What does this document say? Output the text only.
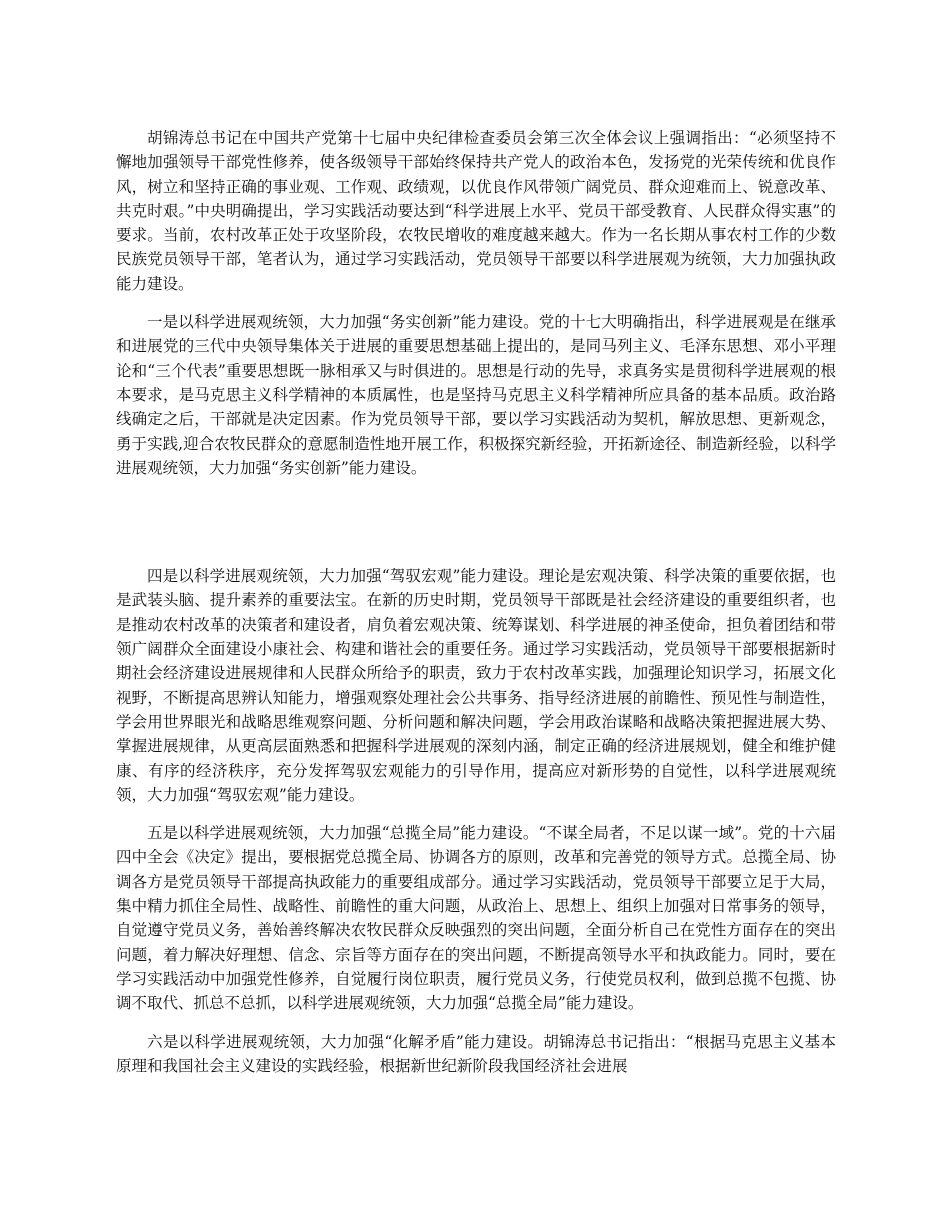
胡锦涛总书记在中国共产党第十七届中央纪律检查委员会第三次全体会议上强调指出：“必须坚持不懈地加强领导干部党性修养，使各级领导干部始终保持共产党人的政治本色，发扬党的光荣传统和优良作风，树立和坚持正确的事业观、工作观、政绩观，以优良作风带领广阔党员、群众迎难而上、锐意改革、共克时艰。”中央明确提出，学习实践活动要达到“科学进展上水平、党员干部受教育、人民群众得实惠”的要求。当前，农村改革正处于攻坚阶段，农牧民增收的难度越来越大。作为一名长期从事农村工作的少数民族党员领导干部，笔者认为，通过学习实践活动，党员领导干部要以科学进展观为统领，大力加强执政能力建设。

一是以科学进展观统领，大力加强“务实创新”能力建设。党的十七大明确指出，科学进展观是在继承和进展党的三代中央领导集体关于进展的重要思想基础上提出的，是同马列主义、毛泽东思想、邓小平理论和“三个代表”重要思想既一脉相承又与时俱进的。思想是行动的先导，求真务实是贯彻科学进展观的根本要求，是马克思主义科学精神的本质属性，也是坚持马克思主义科学精神所应具备的基本品质。政治路线确定之后，干部就是决定因素。作为党员领导干部，要以学习实践活动为契机，解放思想、更新观念，勇于实践,迎合农牧民群众的意愿制造性地开展工作，积极探究新经验，开拓新途径、制造新经验，以科学进展观统领，大力加强“务实创新”能力建设。

四是以科学进展观统领，大力加强“驾驭宏观”能力建设。理论是宏观决策、科学决策的重要依据，也是武装头脑、提升素养的重要法宝。在新的历史时期，党员领导干部既是社会经济建设的重要组织者，也是推动农村改革的决策者和建设者，肩负着宏观决策、统筹谋划、科学进展的神圣使命，担负着团结和带领广阔群众全面建设小康社会、构建和谐社会的重要任务。通过学习实践活动，党员领导干部要根据新时期社会经济建设进展规律和人民群众所给予的职责，致力于农村改革实践，加强理论知识学习，拓展文化视野，不断提高思辨认知能力，增强观察处理社会公共事务、指导经济进展的前瞻性、预见性与制造性，学会用世界眼光和战略思维观察问题、分析问题和解决问题，学会用政治谋略和战略决策把握进展大势、掌握进展规律，从更高层面熟悉和把握科学进展观的深刻内涵，制定正确的经济进展规划，健全和维护健康、有序的经济秩序，充分发挥驾驭宏观能力的引导作用，提高应对新形势的自觉性，以科学进展观统领，大力加强“驾驭宏观”能力建设。

五是以科学进展观统领，大力加强“总揽全局”能力建设。“不谋全局者，不足以谋一域”。党的十六届四中全会《决定》提出，要根据党总揽全局、协调各方的原则，改革和完善党的领导方式。总揽全局、协调各方是党员领导干部提高执政能力的重要组成部分。通过学习实践活动，党员领导干部要立足于大局，集中精力抓住全局性、战略性、前瞻性的重大问题，从政治上、思想上、组织上加强对日常事务的领导，自觉遵守党员义务，善始善终解决农牧民群众反映强烈的突出问题，全面分析自己在党性方面存在的突出问题，着力解决好理想、信念、宗旨等方面存在的突出问题，不断提高领导水平和执政能力。同时，要在学习实践活动中加强党性修养，自觉履行岗位职责，履行党员义务，行使党员权利，做到总揽不包揽、协调不取代、抓总不总抓，以科学进展观统领，大力加强“总揽全局”能力建设。

六是以科学进展观统领，大力加强“化解矛盾”能力建设。胡锦涛总书记指出：“根据马克思主义基本原理和我国社会主义建设的实践经验，根据新世纪新阶段我国经济社会进展
